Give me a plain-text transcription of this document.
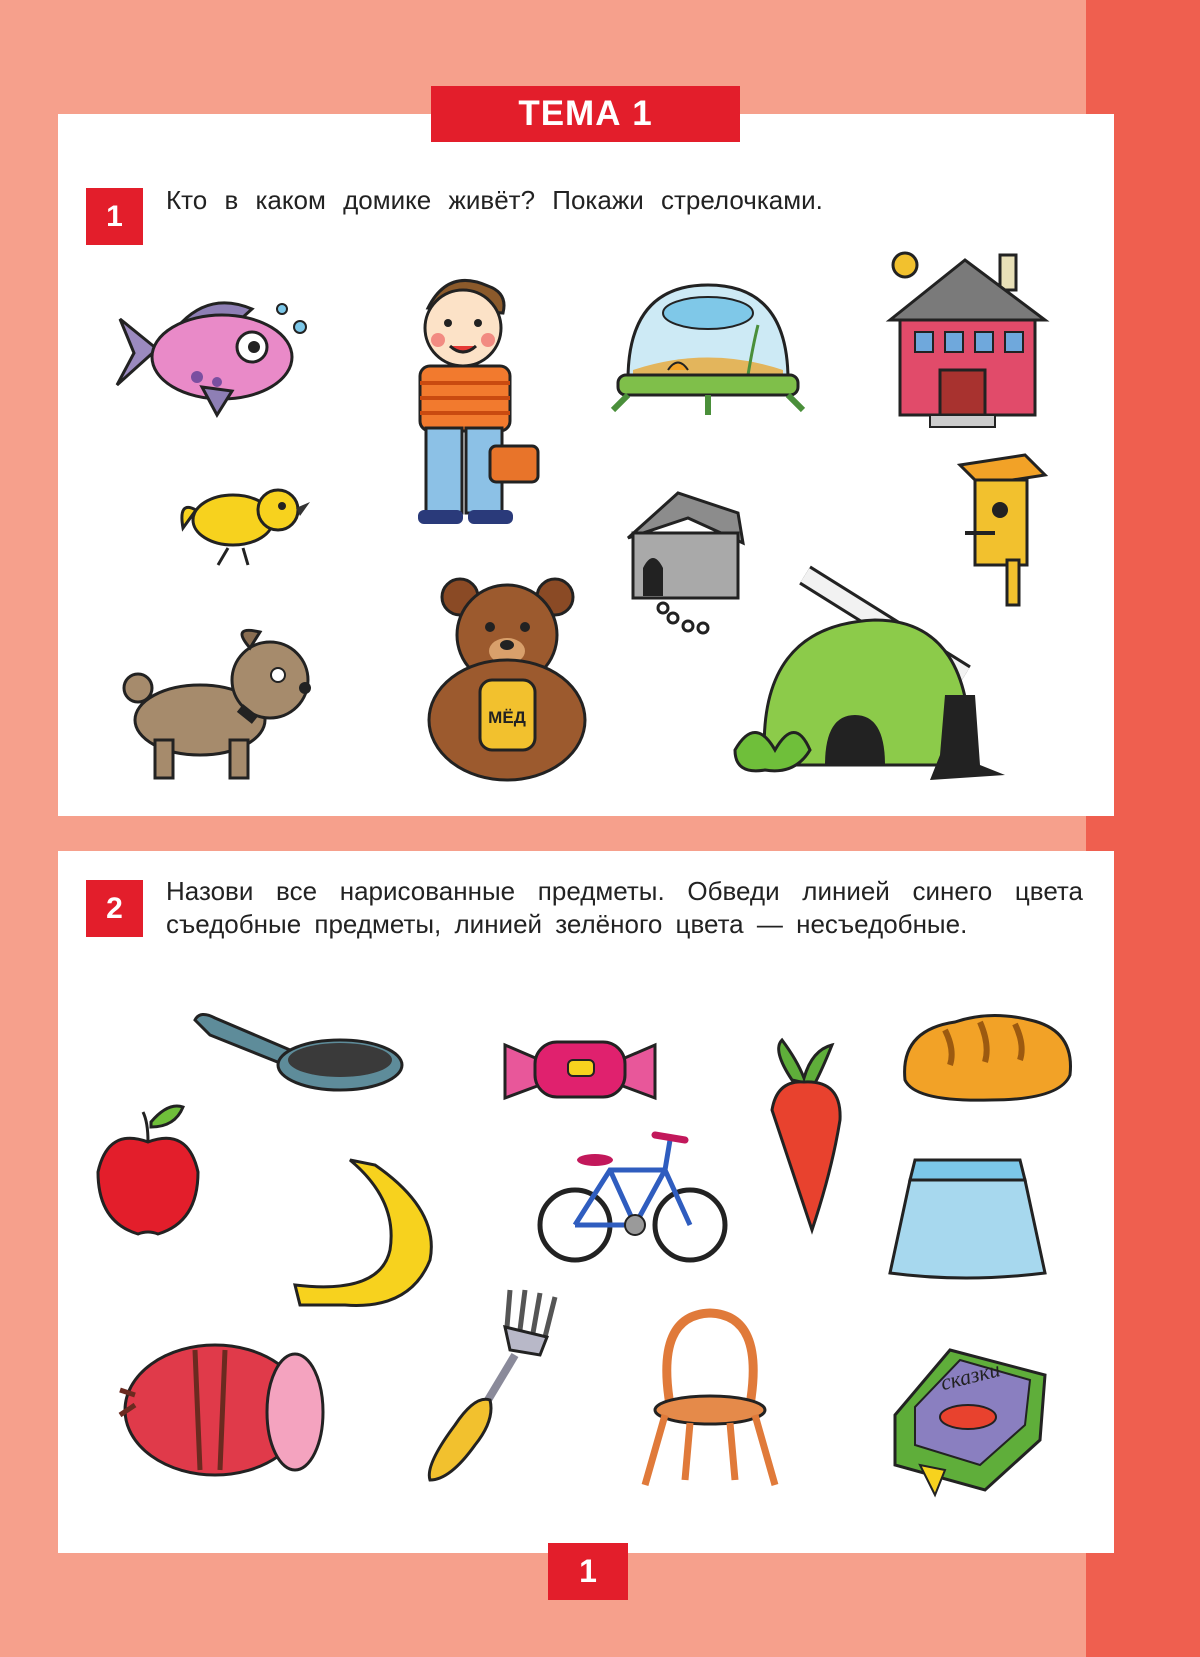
ТЕМА 1
1	Кто в каком домике живёт? Покажи стрелочками.
МЁД
2
Назови все нарисованные предметы. Обведи линией синего цвета съедобные предметы, линией зелёного цвета — несъедобные.
сказки
1
